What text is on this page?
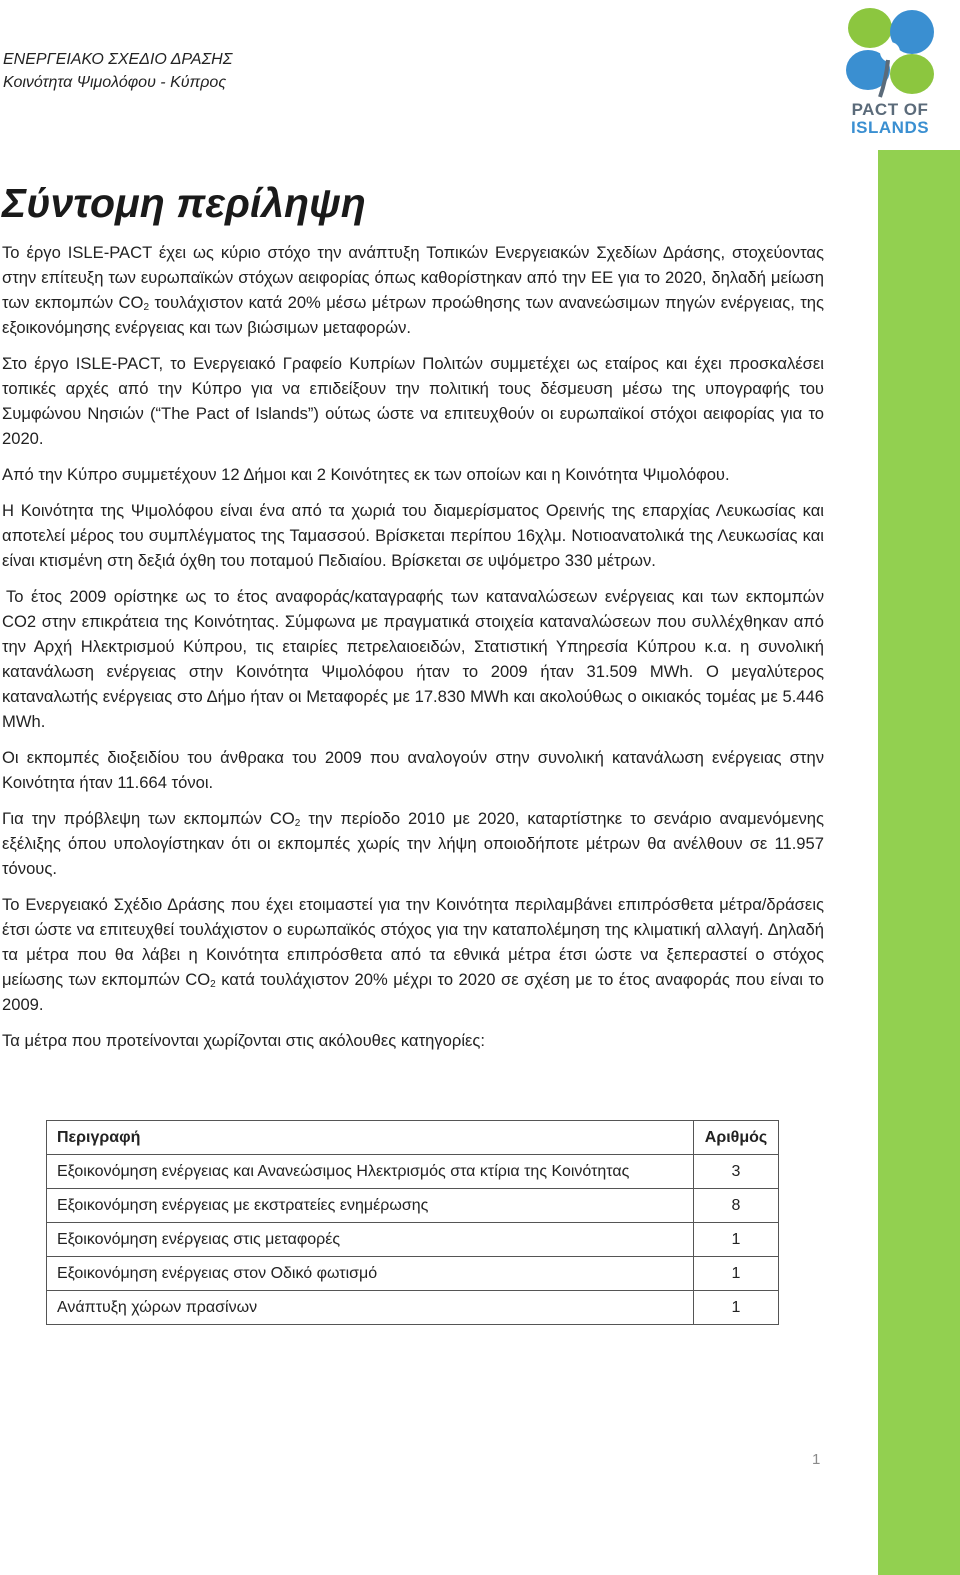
ΕΝΕΡΓΕΙΑΚΟ ΣΧΕΔΙΟ ΔΡΑΣΗΣ
Κοινότητα Ψιμολόφου - Κύπρος
PACT OF
ISLANDS
Σύντομη περίληψη

Το έργο ISLE-PACT έχει ως κύριο στόχο την ανάπτυξη Τοπικών Ενεργειακών Σχεδίων Δράσης, στοχεύοντας στην επίτευξη των ευρωπαϊκών στόχων αειφορίας όπως καθορίστηκαν από την ΕΕ για το 2020, δηλαδή μείωση των εκπομπών $CO_2$ τουλάχιστον κατά 20% μέσω μέτρων προώθησης των ανανεώσιμων πηγών ενέργειας, της εξοικονόμησης ενέργειας και των βιώσιμων μεταφορών.

Στο έργο ISLE-PACT, το Ενεργειακό Γραφείο Κυπρίων Πολιτών συμμετέχει ως εταίρος και έχει προσκαλέσει τοπικές αρχές από την Κύπρο για να επιδείξουν την πολιτική τους δέσμευση μέσω της υπογραφής του Συμφώνου Νησιών (“The Pact of Islands”) ούτως ώστε να επιτευχθούν οι ευρωπαϊκοί στόχοι αειφορίας για το 2020.

Από την Κύπρο συμμετέχουν 12 Δήμοι και 2 Κοινότητες εκ των οποίων και η Κοινότητα Ψιμολόφου.

Η Κοινότητα της Ψιμολόφου είναι ένα από τα χωριά του διαμερίσματος Ορεινής της επαρχίας Λευκωσίας και αποτελεί μέρος του συμπλέγματος της Ταμασσού. Βρίσκεται περίπου 16χλμ. Νοτιοανατολικά της Λευκωσίας και είναι κτισμένη στη δεξιά όχθη του ποταμού Πεδιαίου. Βρίσκεται σε υψόμετρο 330 μέτρων.

Το έτος 2009 ορίστηκε ως το έτος αναφοράς/καταγραφής των καταναλώσεων ενέργειας και των εκπομπών CO2 στην επικράτεια της Κοινότητας. Σύμφωνα με πραγματικά στοιχεία καταναλώσεων που συλλέχθηκαν από την Αρχή Ηλεκτρισμού Κύπρου, τις εταιρίες πετρελαιοειδών, Στατιστική Υπηρεσία Κύπρου κ.α. η συνολική κατανάλωση ενέργειας στην Κοινότητα Ψιμολόφου ήταν το 2009 ήταν 31.509 MWh. Ο μεγαλύτερος καταναλωτής ενέργειας στο Δήμο ήταν οι Μεταφορές με 17.830 MWh και ακολούθως ο οικιακός τομέας με 5.446 MWh.

Οι εκπομπές διοξειδίου του άνθρακα του 2009 που αναλογούν στην συνολική κατανάλωση ενέργειας στην Κοινότητα ήταν 11.664 τόνοι.

Για την πρόβλεψη των εκπομπών $CO_2$ την περίοδο 2010 με 2020, καταρτίστηκε το σενάριο αναμενόμενης εξέλιξης όπου υπολογίστηκαν ότι οι εκπομπές χωρίς την λήψη οποιοδήποτε μέτρων θα ανέλθουν σε 11.957 τόνους.

Το Ενεργειακό Σχέδιο Δράσης που έχει ετοιμαστεί για την Κοινότητα περιλαμβάνει επιπρόσθετα μέτρα/δράσεις έτσι ώστε να επιτευχθεί τουλάχιστον ο ευρωπαϊκός στόχος για την καταπολέμηση της κλιματική αλλαγή. Δηλαδή τα μέτρα που θα λάβει η Κοινότητα επιπρόσθετα από τα εθνικά μέτρα έτσι ώστε να ξεπεραστεί ο στόχος μείωσης των εκπομπών $CO_2$ κατά τουλάχιστον 20% μέχρι το 2020 σε σχέση με το έτος αναφοράς που είναι το 2009.

Τα μέτρα που προτείνονται χωρίζονται στις ακόλουθες κατηγορίες:

Περιγραφή	Αριθμός
Εξοικονόμηση ενέργειας και Ανανεώσιμος Ηλεκτρισμός στα κτίρια της Κοινότητας	3
Εξοικονόμηση ενέργειας με εκστρατείες ενημέρωσης	8
Εξοικονόμηση ενέργειας στις μεταφορές	1
Εξοικονόμηση ενέργειας στον Οδικό φωτισμό	1
Ανάπτυξη χώρων πρασίνων	1
1
